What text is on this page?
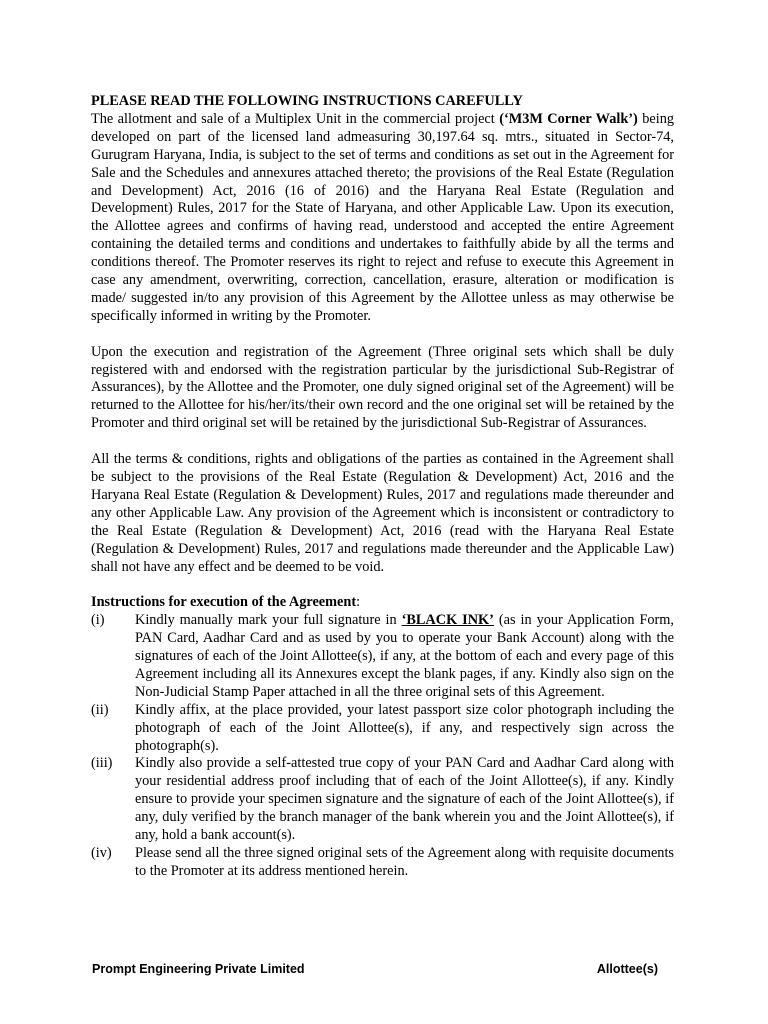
PLEASE READ THE FOLLOWING INSTRUCTIONS CAREFULLY

The allotment and sale of a Multiplex Unit in the commercial project (‘M3M Corner Walk’) being developed on part of the licensed land admeasuring 30,197.64 sq. mtrs., situated in Sector-74, Gurugram Haryana, India, is subject to the set of terms and conditions as set out in the Agreement for Sale and the Schedules and annexures attached thereto; the provisions of the Real Estate (Regulation and Development) Act, 2016 (16 of 2016) and the Haryana Real Estate (Regulation and Development) Rules, 2017 for the State of Haryana, and other Applicable Law. Upon its execution, the Allottee agrees and confirms of having read, understood and accepted the entire Agreement containing the detailed terms and conditions and undertakes to faithfully abide by all the terms and conditions thereof. The Promoter reserves its right to reject and refuse to execute this Agreement in case any amendment, overwriting, correction, cancellation, erasure, alteration or modification is made/ suggested in/to any provision of this Agreement by the Allottee unless as may otherwise be specifically informed in writing by the Promoter.

Upon the execution and registration of the Agreement (Three original sets which shall be duly registered with and endorsed with the registration particular by the jurisdictional Sub-Registrar of Assurances), by the Allottee and the Promoter, one duly signed original set of the Agreement) will be returned to the Allottee for his/her/its/their own record and the one original set will be retained by the Promoter and third original set will be retained by the jurisdictional Sub-Registrar of Assurances.

All the terms & conditions, rights and obligations of the parties as contained in the Agreement shall be subject to the provisions of the Real Estate (Regulation & Development) Act, 2016 and the Haryana Real Estate (Regulation & Development) Rules, 2017 and regulations made thereunder and any other Applicable Law. Any provision of the Agreement which is inconsistent or contradictory to the Real Estate (Regulation & Development) Act, 2016 (read with the Haryana Real Estate (Regulation & Development) Rules, 2017 and regulations made thereunder and the Applicable Law) shall not have any effect and be deemed to be void.

Instructions for execution of the Agreement:

(i)	Kindly manually mark your full signature in ‘BLACK INK’ (as in your Application Form, PAN Card, Aadhar Card and as used by you to operate your Bank Account) along with the signatures of each of the Joint Allottee(s), if any, at the bottom of each and every page of this Agreement including all its Annexures except the blank pages, if any. Kindly also sign on the Non-Judicial Stamp Paper attached in all the three original sets of this Agreement.
(ii)	Kindly affix, at the place provided, your latest passport size color photograph including the photograph of each of the Joint Allottee(s), if any, and respectively sign across the photograph(s).
(iii)	Kindly also provide a self-attested true copy of your PAN Card and Aadhar Card along with your residential address proof including that of each of the Joint Allottee(s), if any. Kindly ensure to provide your specimen signature and the signature of each of the Joint Allottee(s), if any, duly verified by the branch manager of the bank wherein you and the Joint Allottee(s), if any, hold a bank account(s).
(iv)	Please send all the three signed original sets of the Agreement along with requisite documents to the Promoter at its address mentioned herein.
Prompt Engineering Private Limited	Allottee(s)
